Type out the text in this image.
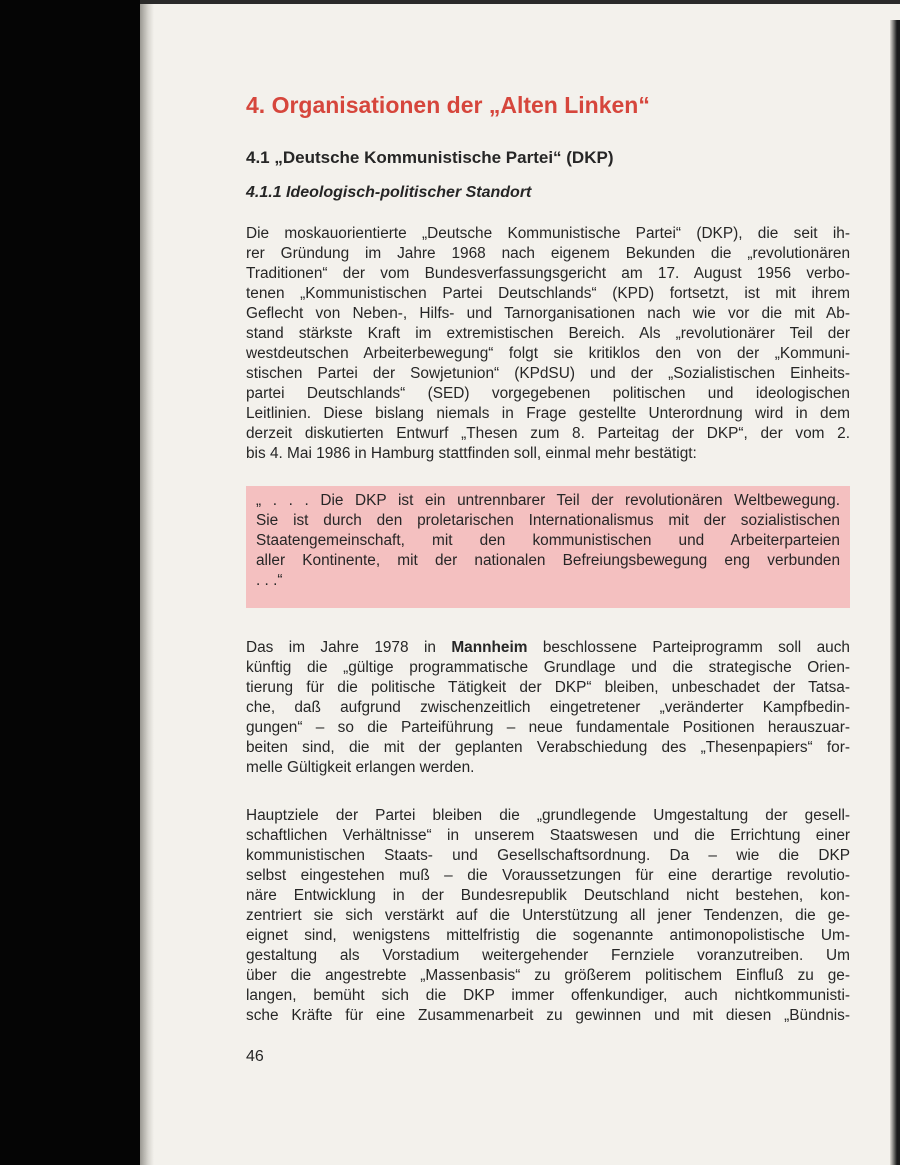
4. Organisationen der „Alten Linken“
4.1 „Deutsche Kommunistische Partei“ (DKP)
4.1.1 Ideologisch-politischer Standort
Die moskauorientierte „Deutsche Kommunistische Partei“ (DKP), die seit ih-
rer Gründung im Jahre 1968 nach eigenem Bekunden die „revolutionären
Traditionen“ der vom Bundesverfassungsgericht am 17. August 1956 verbo-
tenen „Kommunistischen Partei Deutschlands“ (KPD) fortsetzt, ist mit ihrem
Geflecht von Neben-, Hilfs- und Tarnorganisationen nach wie vor die mit Ab-
stand stärkste Kraft im extremistischen Bereich. Als „revolutionärer Teil der
westdeutschen Arbeiterbewegung“ folgt sie kritiklos den von der „Kommuni-
stischen Partei der Sowjetunion“ (KPdSU) und der „Sozialistischen Einheits-
partei Deutschlands“ (SED) vorgegebenen politischen und ideologischen
Leitlinien. Diese bislang niemals in Frage gestellte Unterordnung wird in dem
derzeit diskutierten Entwurf „Thesen zum 8. Parteitag der DKP“, der vom 2.
bis 4. Mai 1986 in Hamburg stattfinden soll, einmal mehr bestätigt:
„ . . . Die DKP ist ein untrennbarer Teil der revolutionären Weltbewegung.
Sie ist durch den proletarischen Internationalismus mit der sozialistischen
Staatengemeinschaft, mit den kommunistischen und Arbeiterparteien
aller Kontinente, mit der nationalen Befreiungsbewegung eng verbunden
. . .“
Das im Jahre 1978 in Mannheim beschlossene Parteiprogramm soll auch
künftig die „gültige programmatische Grundlage und die strategische Orien-
tierung für die politische Tätigkeit der DKP“ bleiben, unbeschadet der Tatsa-
che, daß aufgrund zwischenzeitlich eingetretener „veränderter Kampfbedin-
gungen“ – so die Parteiführung – neue fundamentale Positionen herauszuar-
beiten sind, die mit der geplanten Verabschiedung des „Thesenpapiers“ for-
melle Gültigkeit erlangen werden.
Hauptziele der Partei bleiben die „grundlegende Umgestaltung der gesell-
schaftlichen Verhältnisse“ in unserem Staatswesen und die Errichtung einer
kommunistischen Staats- und Gesellschaftsordnung. Da – wie die DKP
selbst eingestehen muß – die Voraussetzungen für eine derartige revolutio-
näre Entwicklung in der Bundesrepublik Deutschland nicht bestehen, kon-
zentriert sie sich verstärkt auf die Unterstützung all jener Tendenzen, die ge-
eignet sind, wenigstens mittelfristig die sogenannte antimonopolistische Um-
gestaltung als Vorstadium weitergehender Fernziele voranzutreiben. Um
über die angestrebte „Massenbasis“ zu größerem politischem Einfluß zu ge-
langen, bemüht sich die DKP immer offenkundiger, auch nichtkommunisti-
sche Kräfte für eine Zusammenarbeit zu gewinnen und mit diesen „Bündnis-

46
